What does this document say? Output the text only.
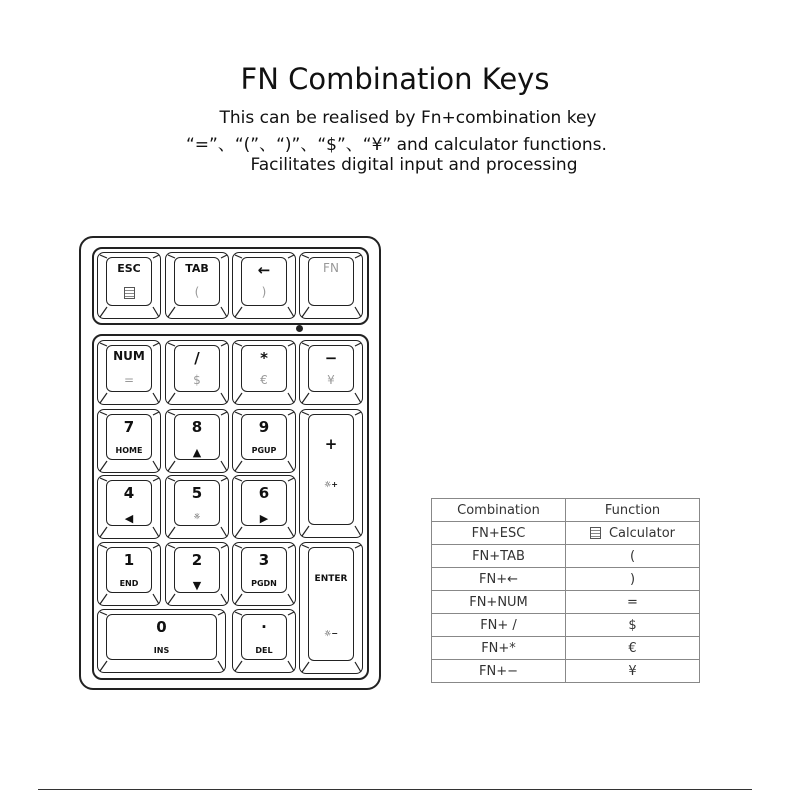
FN Combination Keys
This can be realised by Fn+combination key
“=”、“(”、“)”、“$”、“¥” and calculator functions.
Facilitates digital input and processing
ESC	TAB
(
←
)
FN
NUM
=
/
$
*
€
−
¥
7
HOME
8
▲
9
PGUP	+
☼+
4
◀
5
☼
6
▶
1
END
2
▼
3
PGDN	ENTER
☼−
0
INS
·
DEL
Combination	Function
FN+ESC	Calculator
FN+TAB	(
FN+←	)
FN+NUM	=
FN+ /	$
FN+*	€
FN+−	¥
